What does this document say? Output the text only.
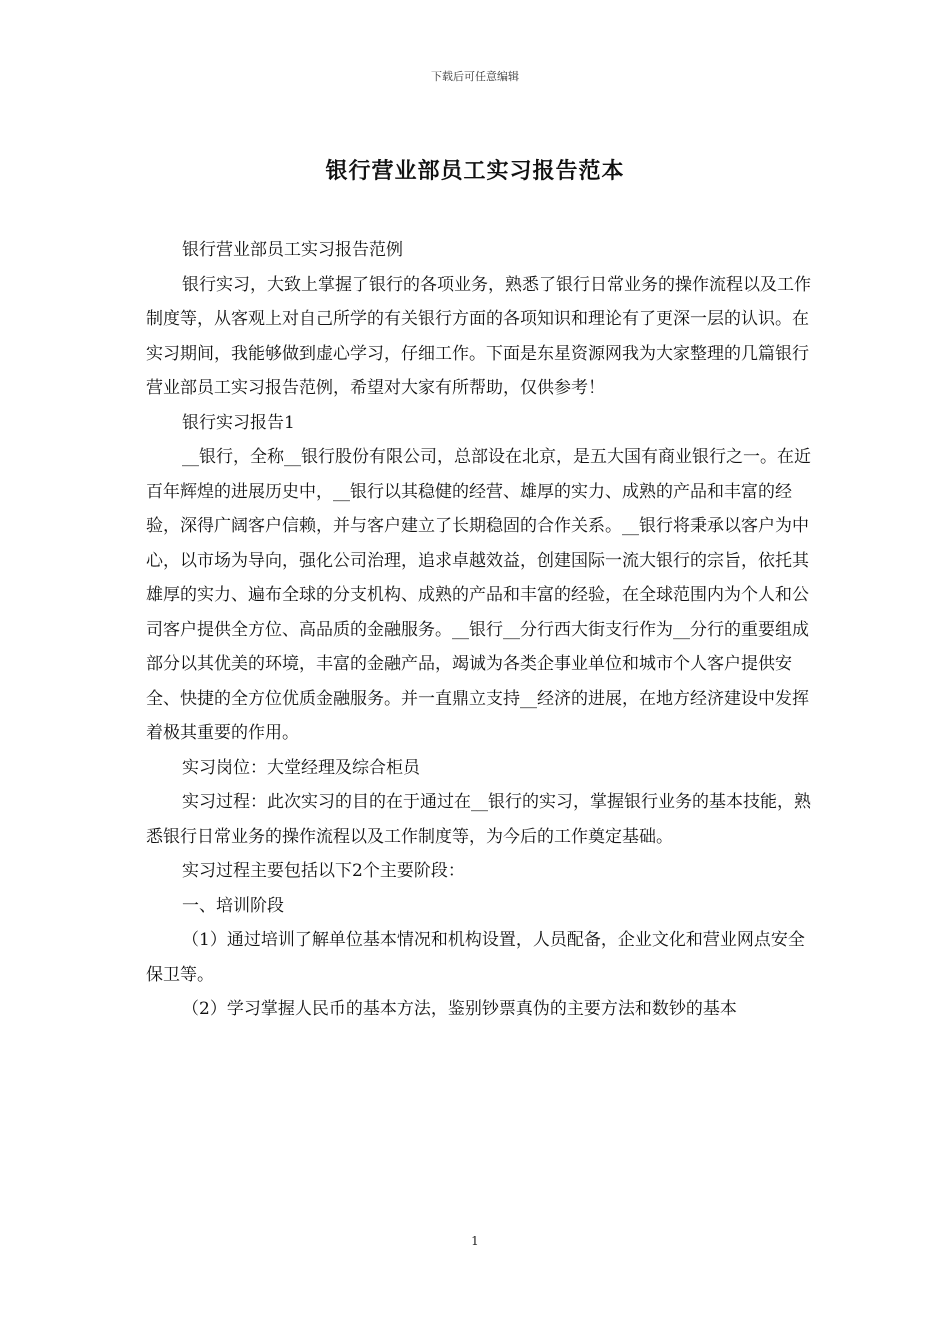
下载后可任意编辑
银行营业部员工实习报告范本

银行营业部员工实习报告范例

银行实习，大致上掌握了银行的各项业务，熟悉了银行日常业务的操作流程以及工作制度等，从客观上对自己所学的有关银行方面的各项知识和理论有了更深一层的认识。在实习期间，我能够做到虚心学习，仔细工作。下面是东星资源网我为大家整理的几篇银行营业部员工实习报告范例，希望对大家有所帮助，仅供参考！

银行实习报告1

__银行，全称__银行股份有限公司，总部设在北京，是五大国有商业银行之一。在近百年辉煌的进展历史中，__银行以其稳健的经营、雄厚的实力、成熟的产品和丰富的经验，深得广阔客户信赖，并与客户建立了长期稳固的合作关系。__银行将秉承以客户为中心，以市场为导向，强化公司治理，追求卓越效益，创建国际一流大银行的宗旨，依托其雄厚的实力、遍布全球的分支机构、成熟的产品和丰富的经验，在全球范围内为个人和公司客户提供全方位、高品质的金融服务。__银行__分行西大街支行作为__分行的重要组成部分以其优美的环境，丰富的金融产品，竭诚为各类企事业单位和城市个人客户提供安全、快捷的全方位优质金融服务。并一直鼎立支持__经济的进展，在地方经济建设中发挥着极其重要的作用。

实习岗位：大堂经理及综合柜员

实习过程：此次实习的目的在于通过在__银行的实习，掌握银行业务的基本技能，熟悉银行日常业务的操作流程以及工作制度等，为今后的工作奠定基础。

实习过程主要包括以下2个主要阶段：

一、培训阶段

（1）通过培训了解单位基本情况和机构设置，人员配备，企业文化和营业网点安全保卫等。

（2）学习掌握人民币的基本方法，鉴别钞票真伪的主要方法和数钞的基本

1
